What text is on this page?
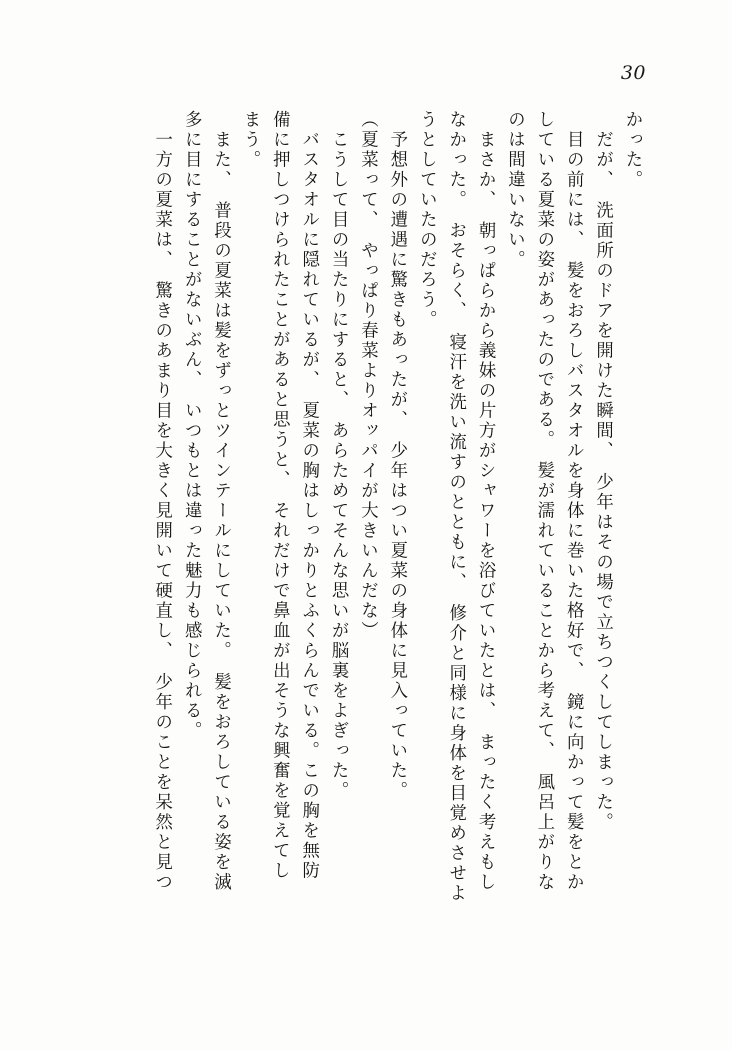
30
かった。
　だが、　洗面所のドアを開けた瞬間、　少年はその場で立ちつくしてしまった。
　目の前には、　髪をおろしバスタオルを身体に巻いた格好で、　鏡に向かって髪をとか
している夏菜の姿があったのである。　髪が濡れていることから考えて、　風呂上がりな
のは間違いない。
　まさか、　朝っぱらから義妹の片方がシャワーを浴びていたとは、　まったく考えもし
なかった。　おそらく、　寝汗を洗い流すのとともに、　修介と同様に身体を目覚めさせよ
うとしていたのだろう。
　予想外の遭遇に驚きもあったが、　少年はつい夏菜の身体に見入っていた。
（夏菜って、　やっぱり春菜よりオッパイが大きいんだな）
　こうして目の当たりにすると、　あらためてそんな思いが脳裏をよぎった。
　バスタオルに隠れているが、　夏菜の胸はしっかりとふくらんでいる。この胸を無防
備に押しつけられたことがあると思うと、　それだけで鼻血が出そうな興奮を覚えてし
まう。
　また、　普段の夏菜は髪をずっとツインテールにしていた。　髪をおろしている姿を滅
多に目にすることがないぶん、　いつもとは違った魅力も感じられる。
　一方の夏菜は、　驚きのあまり目を大きく見開いて硬直し、　少年のことを呆然と見つ
